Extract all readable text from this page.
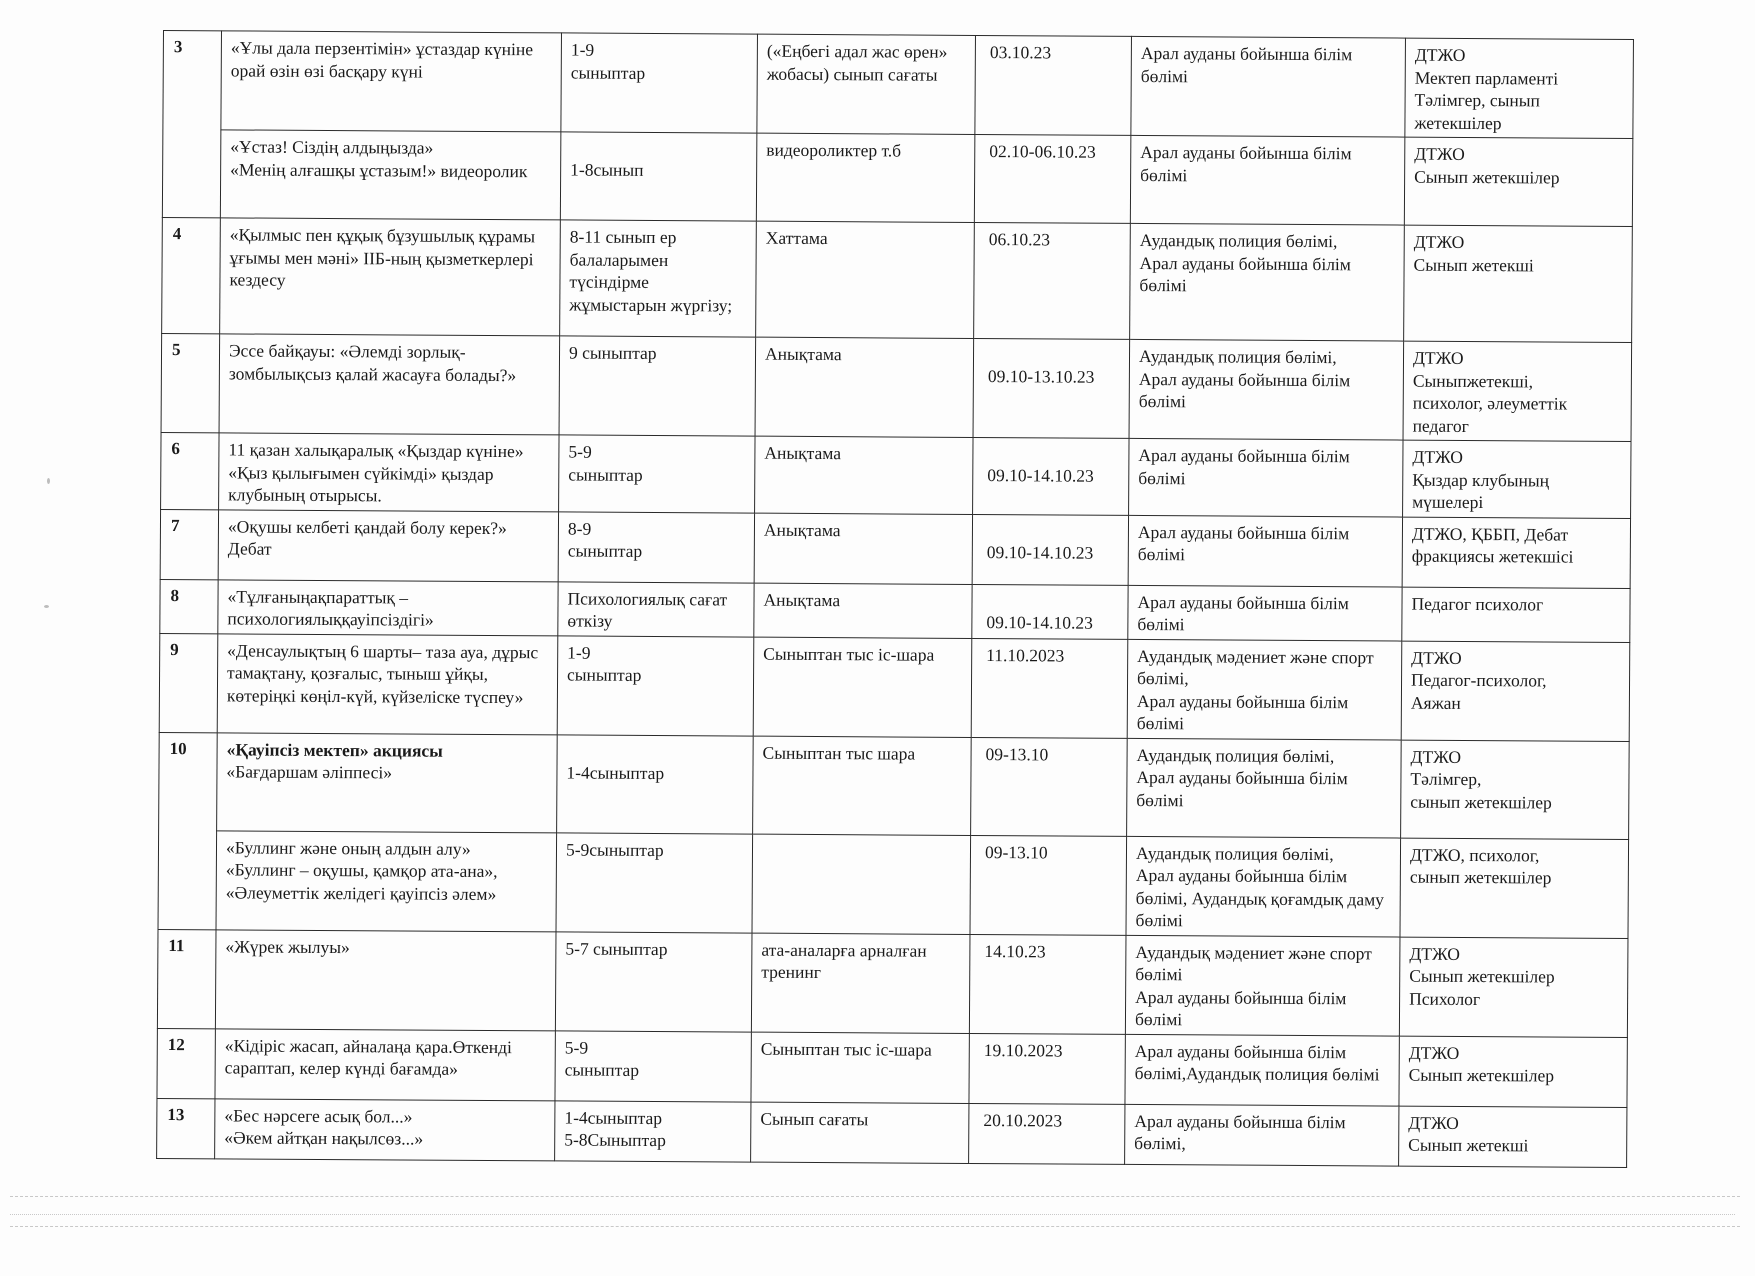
3	«Ұлы дала перзентімін» ұстаздар күніне орай өзін өзі басқару күні	1-9
сыныптар	(«Еңбегі адал жас өрен» жобасы) сынып сағаты	03.10.23	Арал ауданы бойынша білім бөлімі	ДТЖО
Мектеп парламенті
Тәлімгер, сынып жетекшілер
	«Ұстаз! Сіздің алдыңызда»
«Менің алғашқы ұстазым!» видеоролик	1-8сынып	видеороликтер т.б	02.10-06.10.23	Арал ауданы бойынша білім бөлімі	ДТЖО
Сынып жетекшілер
4	«Қылмыс пен құқық бұзушылық құрамы ұғымы мен мәні» ІІБ-ның қызметкерлері кездесу	8-11 сынып ер балаларымен түсіндірме жұмыстарын жүргізу;	Хаттама	06.10.23	Аудандық полиция бөлімі,
Арал ауданы бойынша білім бөлімі	ДТЖО
Сынып жетекші
5	Эссе байқауы: «Әлемді зорлық-зомбылықсыз қалай жасауға болады?»	9 сыныптар	Анықтама	09.10-13.10.23	Аудандық полиция бөлімі,
Арал ауданы бойынша білім бөлімі	ДТЖО
Сыныпжетекші,
психолог, әлеуметтік педагог
6	11 қазан халықаралық «Қыздар күніне» «Қыз қылығымен сүйкімді» қыздар клубының отырысы.	5-9
сыныптар	Анықтама	09.10-14.10.23	Арал ауданы бойынша білім бөлімі	ДТЖО
Қыздар клубының мүшелері
7	«Оқушы келбеті қандай болу керек?» Дебат	8-9
сыныптар	Анықтама	09.10-14.10.23	Арал ауданы бойынша білім бөлімі	ДТЖО, ҚББП, Дебат фракциясы жетекшісі
8	«Тұлғаныңақпараттық – психологиялыққауіпсіздігі»	Психологиялық сағат өткізу	Анықтама	09.10-14.10.23	Арал ауданы бойынша білім бөлімі	Педагог психолог
9	«Денсаулықтың 6 шарты– таза ауа, дұрыс тамақтану, қозғалыс, тыныш ұйқы, көтеріңкі көңіл-күй, күйзеліске түспеу»	1-9
сыныптар	Сыныптан тыс іс-шара	11.10.2023	Аудандық мәдениет және спорт бөлімі,
Арал ауданы бойынша білім бөлімі	ДТЖО
Педагог-психолог,
Аяжан
10	«Қауіпсіз мектеп» акциясы
«Бағдаршам әліппесі»	1-4сыныптар	Сыныптан тыс шара	09-13.10	Аудандық полиция бөлімі,
Арал ауданы бойынша білім бөлімі	ДТЖО
Тәлімгер,
сынып жетекшілер
	«Буллинг және оның алдын алу»
«Буллинг – оқушы, қамқор ата-ана»,
«Әлеуметтік желідегі қауіпсіз әлем»	5-9сыныптар		09-13.10	Аудандық полиция бөлімі,
Арал ауданы бойынша білім бөлімі, Аудандық қоғамдық даму бөлімі	ДТЖО, психолог,
сынып жетекшілер
11	«Жүрек жылуы»	5-7 сыныптар	ата-аналарға арналған тренинг	14.10.23	Аудандық мәдениет және спорт бөлімі
Арал ауданы бойынша білім бөлімі	ДТЖО
Сынып жетекшілер
Психолог
12	«Кідіріс жасап, айналаңа қара.Өткенді сараптап, келер күнді бағамда»	5-9
сыныптар	Сыныптан тыс іс-шара	19.10.2023	Арал ауданы бойынша білім бөлімі,Аудандық полиция бөлімі	ДТЖО
Сынып жетекшілер
13	«Бес нәрсеге асық бол...»
«Әкем айтқан нақылсөз...»	1-4сыныптар
5-8Сыныптар	Сынып сағаты	20.10.2023	Арал ауданы бойынша білім бөлімі,	ДТЖО
Сынып жетекші
